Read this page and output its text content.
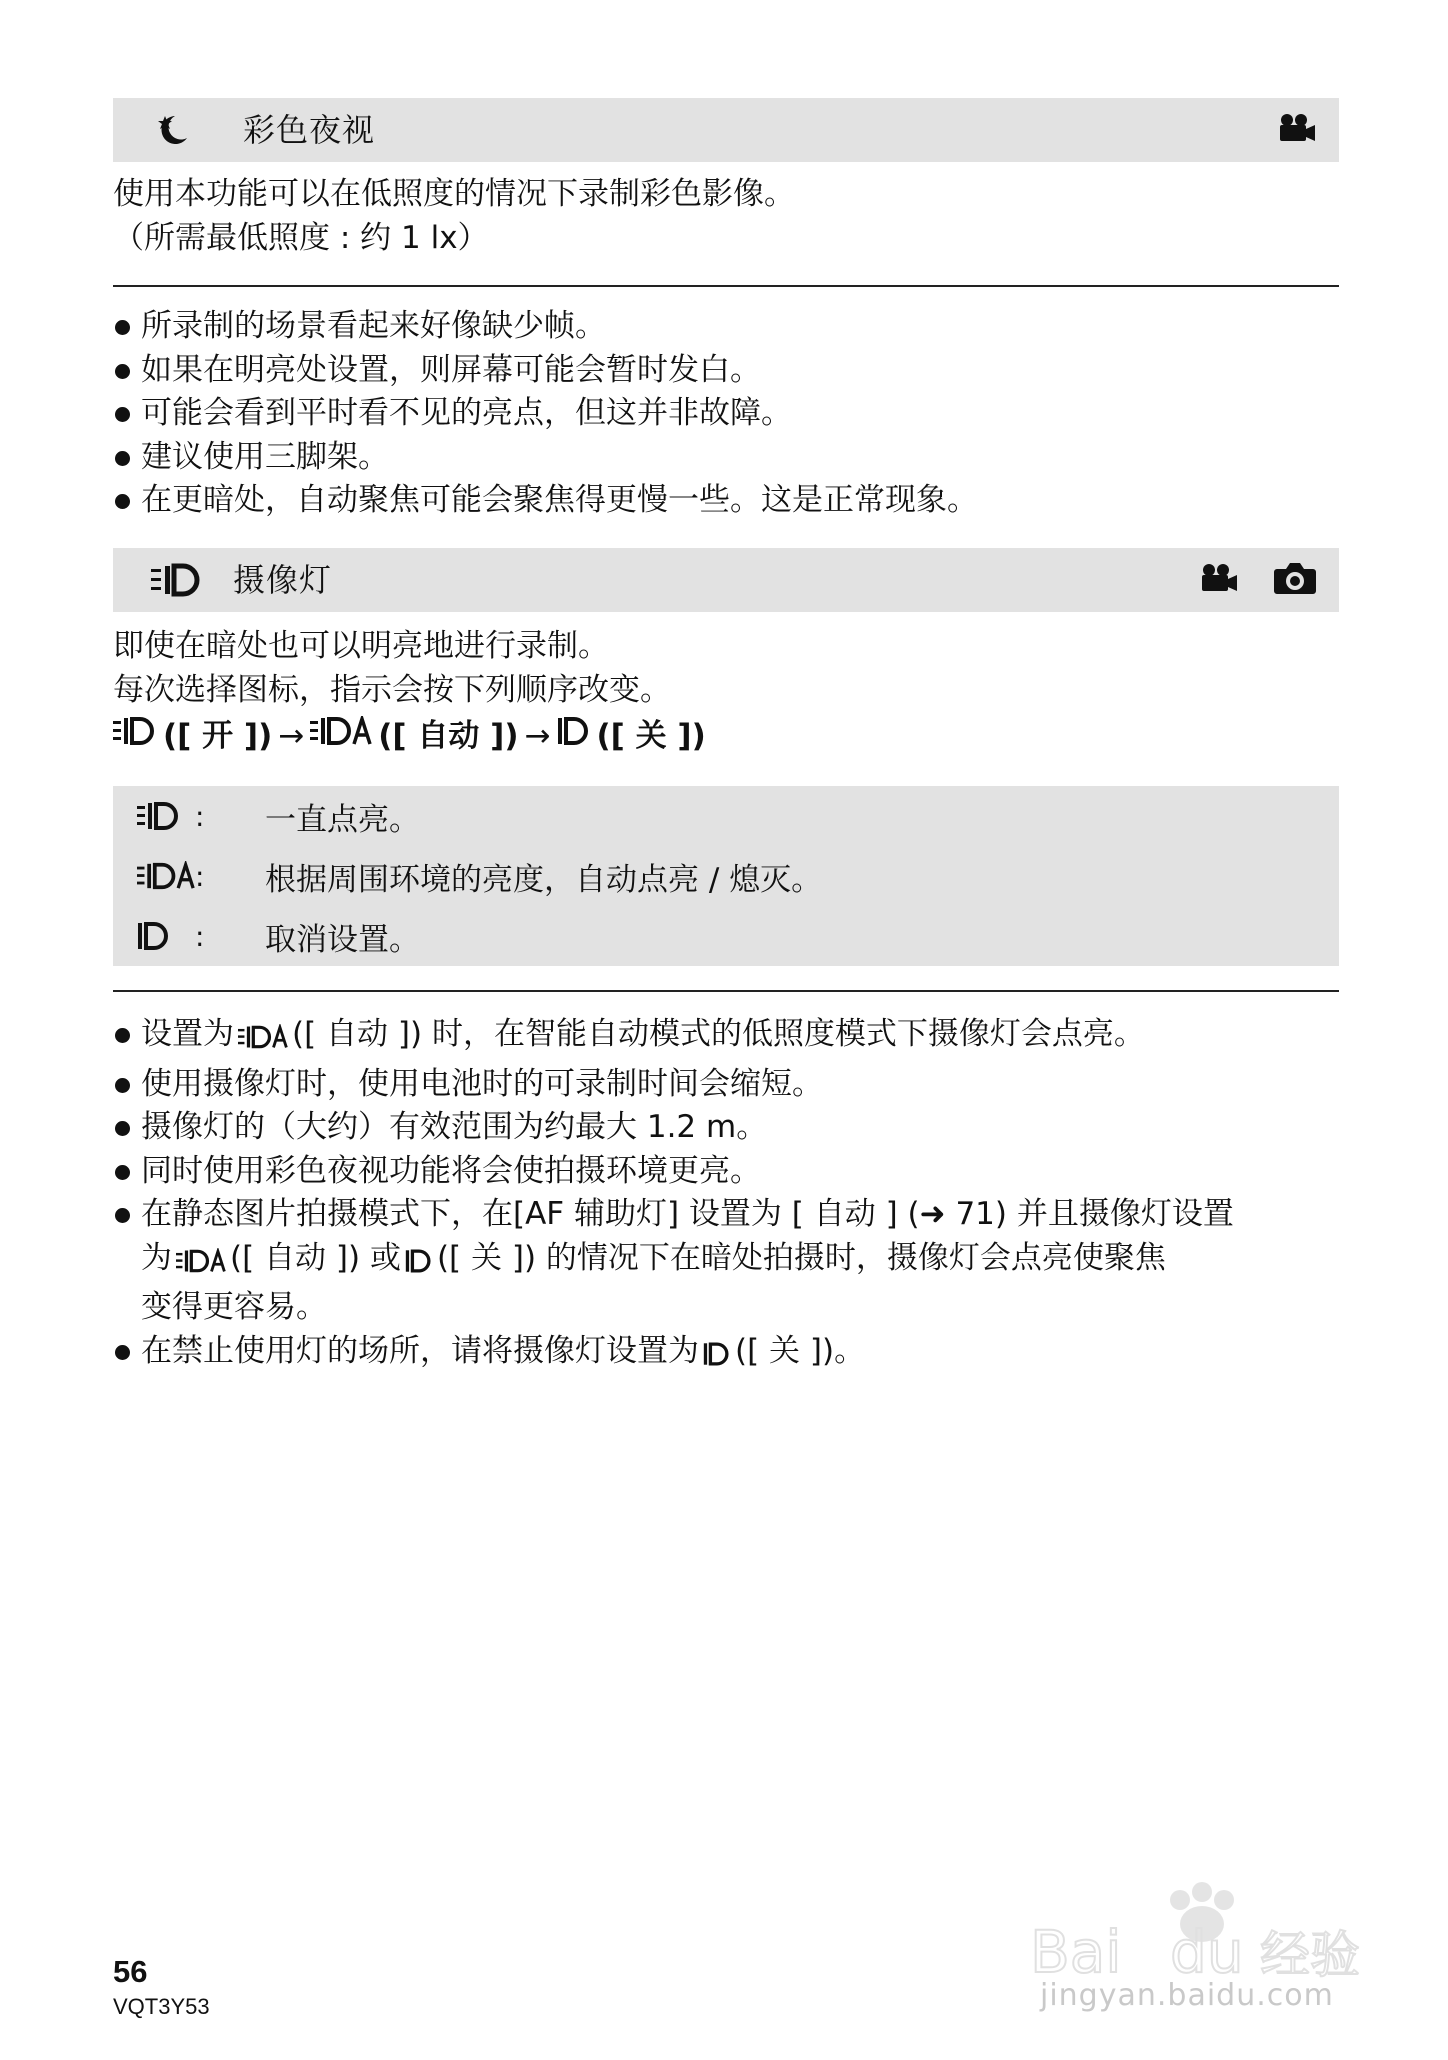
彩色夜视
使用本功能可以在低照度的情况下录制彩色影像。
（所需最低照度 : 约 1 lx）
所录制的场景看起来好像缺少帧。
如果在明亮处设置，则屏幕可能会暂时发白。
可能会看到平时看不见的亮点，但这并非故障。
建议使用三脚架。
在更暗处，自动聚焦可能会聚焦得更慢一些。这是正常现象。
摄像灯
即使在暗处也可以明亮地进行录制。
每次选择图标，指示会按下列顺序改变。
([ 开 ]) → ([ 自动 ]) → ([ 关 ])
:	一直点亮。
:	根据周围环境的亮度，自动点亮 / 熄灭。
:	取消设置。
设置为 ([ 自动 ]) 时，在智能自动模式的低照度模式下摄像灯会点亮。
使用摄像灯时，使用电池时的可录制时间会缩短。
摄像灯的（大约）有效范围为约最大 1.2 m。
同时使用彩色夜视功能将会使拍摄环境更亮。
在静态图片拍摄模式下，在[AF 辅助灯] 设置为 [ 自动 ] (➜ 71) 并且摄像灯设置
为 ([ 自动 ]) 或 ([ 关 ]) 的情况下在暗处拍摄时，摄像灯会点亮使聚焦
变得更容易。
在禁止使用灯的场所，请将摄像灯设置为 ([ 关 ])。
56
VQT3Y53
Bai du 经验
jingyan.baidu.com
